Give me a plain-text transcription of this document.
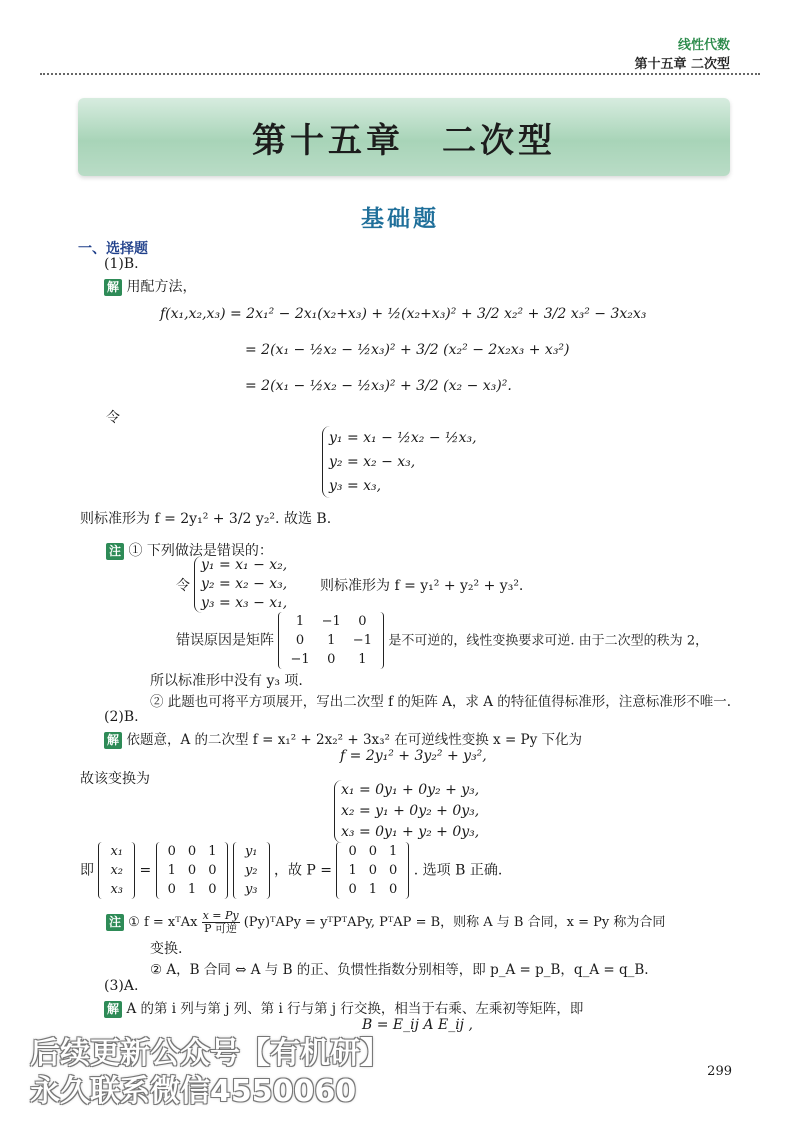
线性代数
第十五章 二次型
第十五章　二次型
基础题
一、选择题
(1)B.
解 用配方法，
f(x₁,x₂,x₃) = 2x₁² − 2x₁(x₂+x₃) + ½(x₂+x₃)² + 3/2 x₂² + 3/2 x₃² − 3x₂x₃
= 2(x₁ − ½x₂ − ½x₃)² + 3/2 (x₂² − 2x₂x₃ + x₃²)
= 2(x₁ − ½x₂ − ½x₃)² + 3/2 (x₂ − x₃)².
令
y₁ = x₁ − ½x₂ − ½x₃,
y₂ = x₂ − x₃,
y₃ = x₃,
则标准形为 f = 2y₁² + 3/2 y₂². 故选 B.
注 ① 下列做法是错误的：
令
y₁ = x₁ − x₂,
y₂ = x₂ − x₃,
y₃ = x₃ − x₁,
则标准形为 f = y₁² + y₂² + y₃².
错误原因是矩阵
1	−1	0
0	1	−1
−1	0	1
是不可逆的，线性变换要求可逆. 由于二次型的秩为 2，
所以标准形中没有 y₃ 项.
② 此题也可将平方项展开，写出二次型 f 的矩阵 A，求 A 的特征值得标准形，注意标准形不唯一.
(2)B.
解 依题意，A 的二次型 f = x₁² + 2x₂² + 3x₃² 在可逆线性变换 x = Py 下化为
f = 2y₁² + 3y₂² + y₃²,
故该变换为
x₁ = 0y₁ + 0y₂ + y₃,
x₂ = y₁ + 0y₂ + 0y₃,
x₃ = 0y₁ + y₂ + 0y₃,
即
x₁
x₂
x₃
=
0	0	1
1	0	0
0	1	0

y₁
y₂
y₃
，故 P =
0	0	1
1	0	0
0	1	0
. 选项 B 正确.
注 ① f = xᵀAx $\frac{x = Py}{\text{P 可逆}}$ (Py)ᵀAPy = yᵀPᵀAPy, PᵀAP = B，则称 A 与 B 合同，x = Py 称为合同
变换.
② A，B 合同 ⇔ A 与 B 的正、负惯性指数分别相等，即 p_A = p_B，q_A = q_B.
(3)A.
解 A 的第 i 列与第 j 列、第 i 行与第 j 行交换，相当于右乘、左乘初等矩阵，即
B = E_ij A E_ij ,
299
后续更新公众号【有机研】
永久联系微信4550060
